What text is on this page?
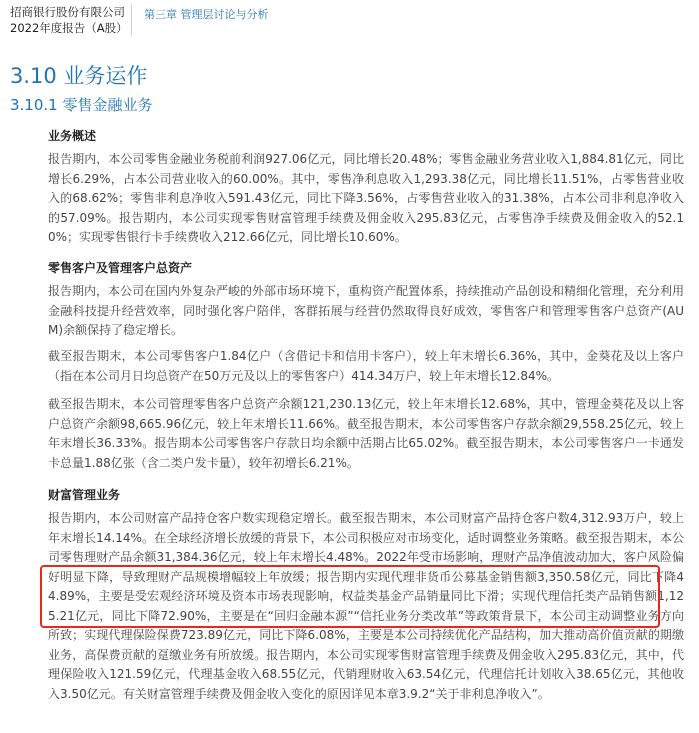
招商银行股份有限公司
2022年度报告（A股）
第三章 管理层讨论与分析
3.10 业务运作
3.10.1 零售金融业务
业务概述
报告期内，本公司零售金融业务税前利润927.06亿元，同比增长20.48%；零售金融业务营业收入1,884.81亿元，同比增长6.29%，占本公司营业收入的60.00%。其中，零售净利息收入1,293.38亿元，同比增长11.51%，占零售营业收入的68.62%；零售非利息净收入591.43亿元，同比下降3.56%，占零售营业收入的31.38%，占本公司非利息净收入的57.09%。报告期内，本公司实现零售财富管理手续费及佣金收入295.83亿元，占零售净手续费及佣金收入的52.10%；实现零售银行卡手续费收入212.66亿元，同比增长10.60%。
零售客户及管理客户总资产
报告期内，本公司在国内外复杂严峻的外部市场环境下，重构资产配置体系，持续推动产品创设和精细化管理，充分利用金融科技提升经营效率，同时强化客户陪伴，客群拓展与经营仍然取得良好成效，零售客户和管理零售客户总资产(AUM)余额保持了稳定增长。
截至报告期末，本公司零售客户1.84亿户（含借记卡和信用卡客户），较上年末增长6.36%，其中，金葵花及以上客户（指在本公司月日均总资产在50万元及以上的零售客户）414.34万户，较上年末增长12.84%。
截至报告期末，本公司管理零售客户总资产余额121,230.13亿元，较上年末增长12.68%，其中，管理金葵花及以上客户总资产余额98,665.96亿元，较上年末增长11.66%。截至报告期末，本公司零售客户存款余额29,558.25亿元，较上年末增长36.33%。报告期本公司零售客户存款日均余额中活期占比65.02%。截至报告期末，本公司零售客户一卡通发卡总量1.88亿张（含二类户发卡量），较年初增长6.21%。
财富管理业务
报告期内，本公司财富产品持仓客户数实现稳定增长。截至报告期末，本公司财富产品持仓客户数4,312.93万户，较上年末增长14.14%。在全球经济增长放缓的背景下，本公司积极应对市场变化，适时调整业务策略。截至报告期末，本公司零售理财产品余额31,384.36亿元，较上年末增长4.48%。2022年受市场影响，理财产品净值波动加大，客户风险偏好明显下降，导致理财产品规模增幅较上年放缓；报告期内实现代理非货币公募基金销售额3,350.58亿元，同比下降44.89%，主要是受宏观经济环境及资本市场表现影响，权益类基金产品销量同比下滑；实现代理信托类产品销售额1,125.21亿元，同比下降72.90%，主要是在“回归金融本源”“信托业务分类改革”等政策背景下，本公司主动调整业务方向所致；实现代理保险保费723.89亿元，同比下降6.08%，主要是本公司持续优化产品结构，加大推动高价值贡献的期缴业务，高保费贡献的趸缴业务有所放缓。报告期内，本公司实现零售财富管理手续费及佣金收入295.83亿元，其中，代理保险收入121.59亿元，代理基金收入68.55亿元，代销理财收入63.54亿元，代理信托计划收入38.65亿元，其他收入3.50亿元。有关财富管理手续费及佣金收入变化的原因详见本章3.9.2“关于非利息净收入”。
